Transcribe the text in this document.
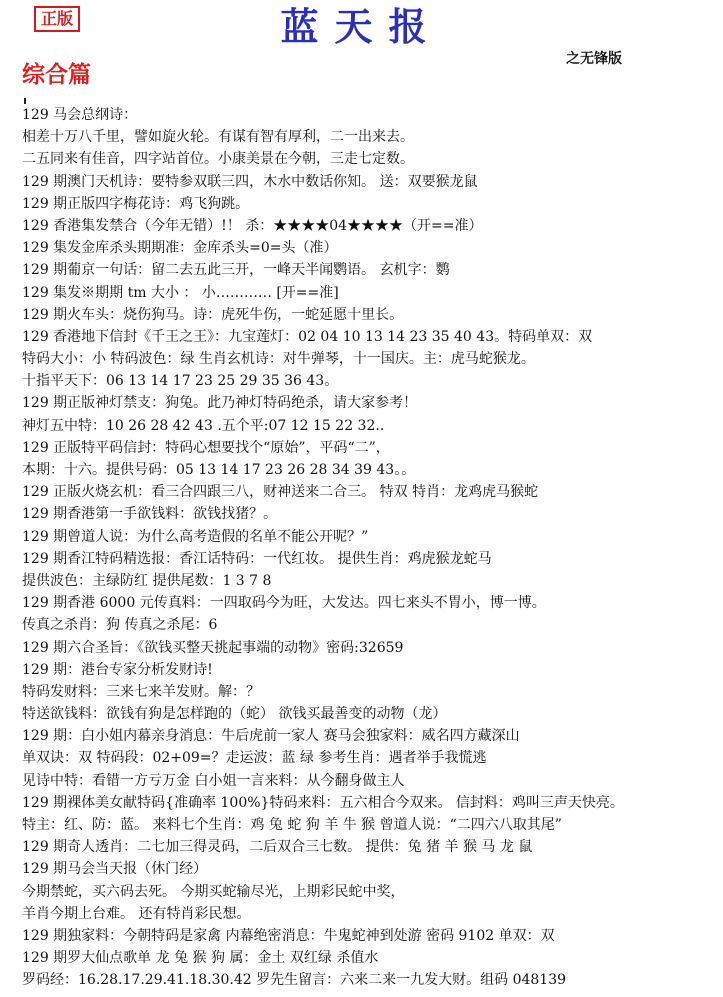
正版	蓝天报
之无锋版
综合篇
129 马会总纲诗：
相差十万八千里，譬如旋火轮。有谋有智有厚利，二一出来去。
二五同来有佳音，四字站首位。小康美景在今朝，三走七定数。
129 期澳门天机诗：要特参双联三四，木水中数话你知。 送：双要猴龙鼠
129 期正版四字梅花诗：鸡飞狗跳。
129 香港集发禁合（今年无错）!！ 杀：★★★★04★★★★（开==准）
129 集发金库杀头期期准：金库杀头=0=头（准）
129 期葡京一句话：留二去五此三开，一峰天半闻鹦语。 玄机字：鹦
129 集发※期期 tm 大小 ： 小………… [开==准]
129 期火车头：烧伤狗马。诗：虎死牛伤，一蛇延愿十里长。
129 香港地下信封《千王之王》：九宝莲灯：02 04 10 13 14 23 35 40 43。特码单双：双
特码大小：小 特码波色：绿 生肖玄机诗：对牛弹琴，十一国庆。主：虎马蛇猴龙。
十指平天下：06 13 14 17 23 25 29 35 36 43。
129 期正版神灯禁支：狗兔。此乃神灯特码绝杀，请大家参考！
神灯五中特：10 26 28 42 43 .五个平:07 12 15 22 32..
129 正版特平码信封：特码心想要找个“原始”，平码“二”，
本期：十六。提供号码：05 13 14 17 23 26 28 34 39 43。。
129 正版火烧玄机：看三合四跟三八，财神送来二合三。 特双 特肖：龙鸡虎马猴蛇
129 期香港第一手欲钱料：欲钱找猪？。
129 期曾道人说：为什么高考造假的名单不能公开呢？”
129 期香江特码精选报：香江话特码：一代红妆。 提供生肖：鸡虎猴龙蛇马
提供波色：主绿防红 提供尾数：1 3 7 8
129 期香港 6000 元传真料：一四取码今为旺，大发达。四七来头不胃小，博一博。
传真之杀肖：狗 传真之杀尾：6
129 期六合圣旨：《欲钱买整天挑起事端的动物》密码:32659
129 期：港台专家分析发财诗!
特码发财料：三来七来羊发财。解：？
特送欲钱料：欲钱有狗是怎样跑的（蛇） 欲钱买最善变的动物（龙）
129 期：白小姐内幕亲身消息：牛后虎前一家人 赛马会独家料：威名四方藏深山
单双诀：双 特码段：02+09=？走运波：蓝 绿 参考生肖：遇者举手我慌逃
见诗中特：看错一方亏万金 白小姐一言来料：从今翻身做主人
129 期裸体美女献特码{准确率 100%}特码来料：五六相合今双来。 信封料：鸡叫三声天快亮。
特主：红、防：蓝。 来料七个生肖：鸡 兔 蛇 狗 羊 牛 猴 曾道人说：“二四六八取其尾”
129 期奇人透肖：二七加三得灵码，二后双合三七数。 提供：兔 猪 羊 猴 马 龙 鼠
129 期马会当天报（休门经）
今期禁蛇，买六码去死。 今期买蛇输尽光，上期彩民蛇中奖，
羊肖今期上台难。 还有特肖彩民想。
129 期独家料：今朝特码是家禽 内幕绝密消息：牛鬼蛇神到处游 密码 9102 单双：双
129 期罗大仙点歌单 龙 兔 猴 狗 属：金土 双红绿 杀值水
罗码经：16.28.17.29.41.18.30.42 罗先生留言：六来二来一九发大财。组码 048139
